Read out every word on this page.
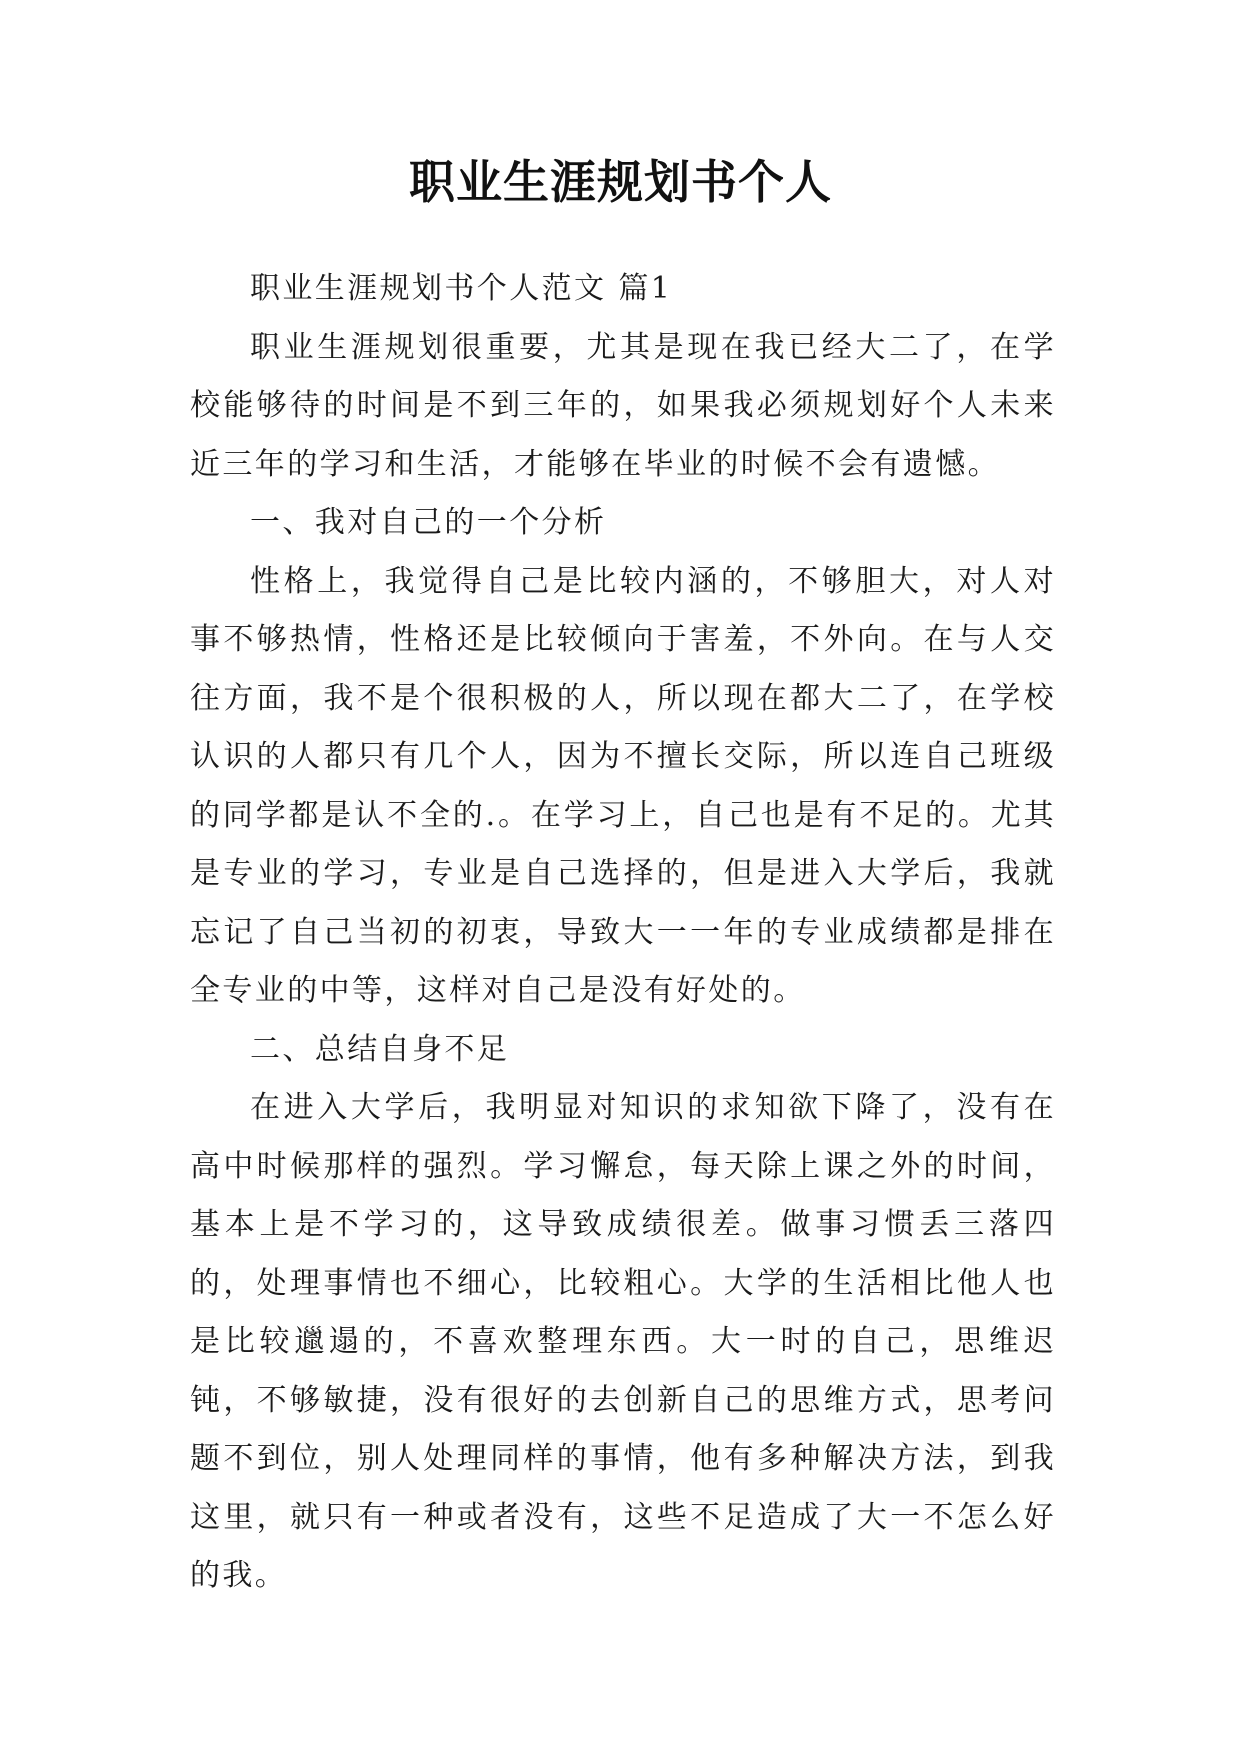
职业生涯规划书个人

职业生涯规划书个人范文 篇1

职业生涯规划很重要，尤其是现在我已经大二了，在学校能够待的时间是不到三年的，如果我必须规划好个人未来近三年的学习和生活，才能够在毕业的时候不会有遗憾。

一、我对自己的一个分析

性格上，我觉得自己是比较内涵的，不够胆大，对人对事不够热情，性格还是比较倾向于害羞，不外向。在与人交往方面，我不是个很积极的人，所以现在都大二了，在学校认识的人都只有几个人，因为不擅长交际，所以连自己班级的同学都是认不全的.。在学习上，自己也是有不足的。尤其是专业的学习，专业是自己选择的，但是进入大学后，我就忘记了自己当初的初衷，导致大一一年的专业成绩都是排在全专业的中等，这样对自己是没有好处的。

二、总结自身不足

在进入大学后，我明显对知识的求知欲下降了，没有在高中时候那样的强烈。学习懈怠，每天除上课之外的时间，基本上是不学习的，这导致成绩很差。做事习惯丢三落四的，处理事情也不细心，比较粗心。大学的生活相比他人也是比较邋遢的，不喜欢整理东西。大一时的自己，思维迟钝，不够敏捷，没有很好的去创新自己的思维方式，思考问题不到位，别人处理同样的事情，他有多种解决方法，到我这里，就只有一种或者没有，这些不足造成了大一不怎么好的我。
